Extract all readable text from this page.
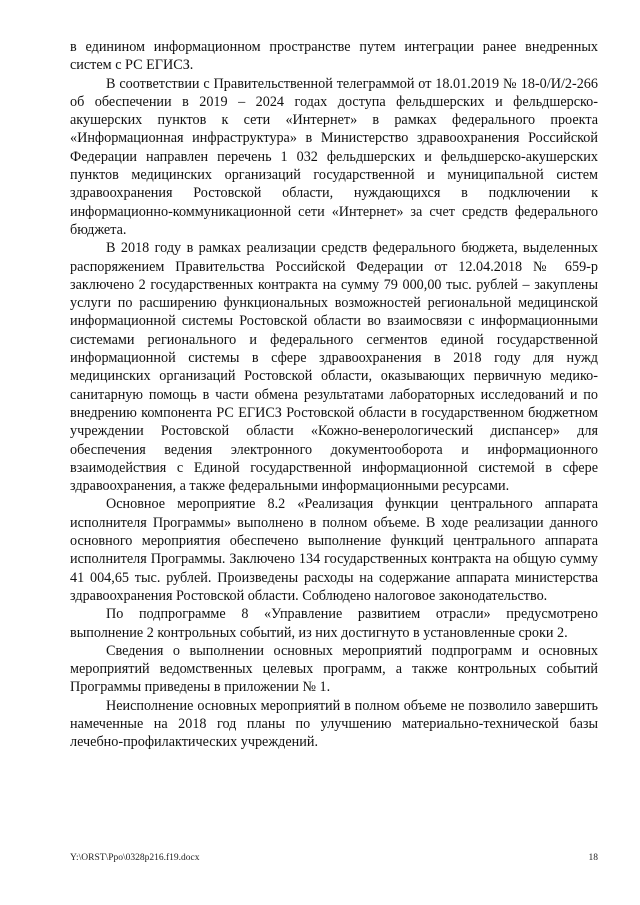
в единином информационном пространстве путем интеграции ранее внедренных систем с РС ЕГИСЗ.

В соответствии с Правительственной телеграммой от 18.01.2019 № 18-0/И/2-266 об обеспечении в 2019 – 2024 годах доступа фельдшерских и фельдшерско-акушерских пунктов к сети «Интернет» в рамках федерального проекта «Информационная инфраструктура» в Министерство здравоохранения Российской Федерации направлен перечень 1 032 фельдшерских и фельдшерско-акушерских пунктов медицинских организаций государственной и муниципальной систем здравоохранения Ростовской области, нуждающихся в подключении к информационно-коммуникационной сети «Интернет» за счет средств федерального бюджета.

В 2018 году в рамках реализации средств федерального бюджета, выделенных распоряжением Правительства Российской Федерации от 12.04.2018 № 659-р заключено 2 государственных контракта на сумму 79 000,00 тыс. рублей – закуплены услуги по расширению функциональных возможностей региональной медицинской информационной системы Ростовской области во взаимосвязи с информационными системами регионального и федерального сегментов единой государственной информационной системы в сфере здравоохранения в 2018 году для нужд медицинских организаций Ростовской области, оказывающих первичную медико-санитарную помощь в части обмена результатами лабораторных исследований и по внедрению компонента РС ЕГИСЗ Ростовской области в государственном бюджетном учреждении Ростовской области «Кожно-венерологический диспансер» для обеспечения ведения электронного документооборота и информационного взаимодействия с Единой государственной информационной системой в сфере здравоохранения, а также федеральными информационными ресурсами.

Основное мероприятие 8.2 «Реализация функции центрального аппарата исполнителя Программы» выполнено в полном объеме. В ходе реализации данного основного мероприятия обеспечено выполнение функций центрального аппарата исполнителя Программы. Заключено 134 государственных контракта на общую сумму 41 004,65 тыс. рублей. Произведены расходы на содержание аппарата министерства здравоохранения Ростовской области. Соблюдено налоговое законодательство.

По подпрограмме 8 «Управление развитием отрасли» предусмотрено выполнение 2 контрольных событий, из них достигнуто в установленные сроки 2.

Сведения о выполнении основных мероприятий подпрограмм и основных мероприятий ведомственных целевых программ, а также контрольных событий Программы приведены в приложении № 1.

Неисполнение основных мероприятий в полном объеме не позволило завершить намеченные на 2018 год планы по улучшению материально-технической базы лечебно-профилактических учреждений.

Y:\ORST\Ppo\0328p216.f19.docx	18
